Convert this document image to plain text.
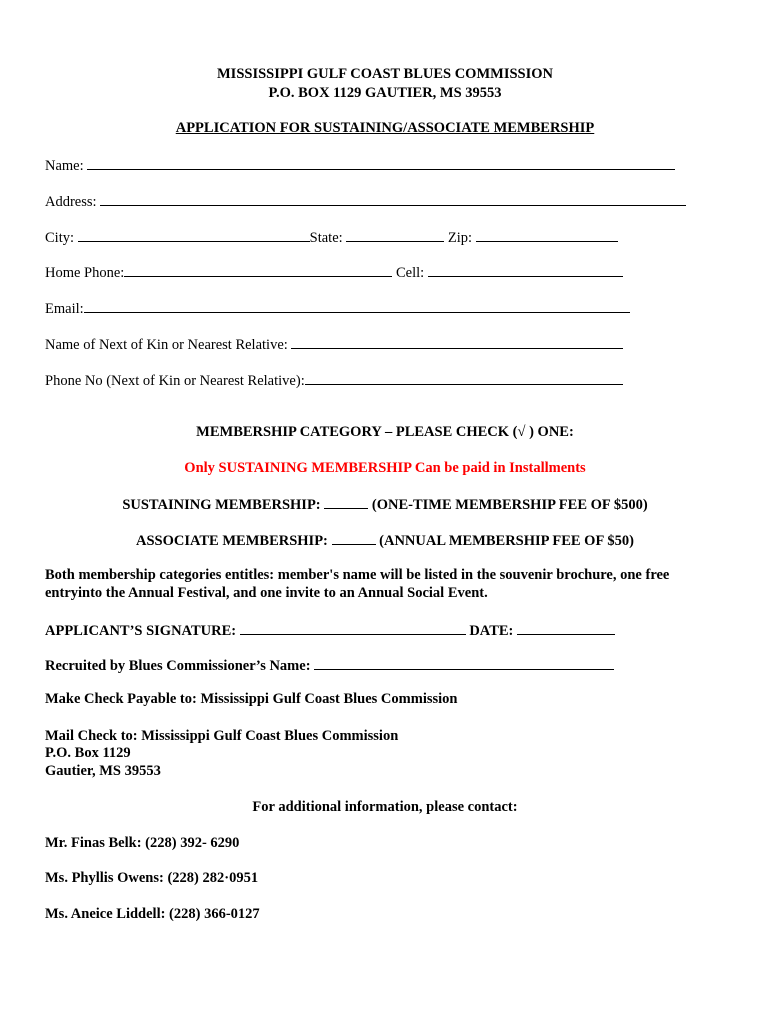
MISSISSIPPI GULF COAST BLUES COMMISSION
P.O. BOX 1129 GAUTIER, MS 39553
APPLICATION FOR SUSTAINING/ASSOCIATE MEMBERSHIP
Name:
Address:
City:	State:	Zip:
Home Phone:	Cell:
Email:
Name of Next of Kin or Nearest Relative:
Phone No (Next of Kin or Nearest Relative):
MEMBERSHIP CATEGORY – PLEASE CHECK (√ ) ONE:
Only SUSTAINING MEMBERSHIP Can be paid in Installments
SUSTAINING MEMBERSHIP:	(ONE-TIME MEMBERSHIP FEE OF $500)
ASSOCIATE MEMBERSHIP:	(ANNUAL MEMBERSHIP FEE OF $50)
Both membership categories entitles: member's name will be listed in the souvenir brochure, one free
entryinto the Annual Festival, and one invite to an Annual Social Event.
APPLICANT’S SIGNATURE:	DATE:
Recruited by Blues Commissioner’s Name:
Make Check Payable to: Mississippi Gulf Coast Blues Commission
Mail Check to: Mississippi Gulf Coast Blues Commission
P.O. Box 1129
Gautier, MS 39553
For additional information, please contact:
Mr. Finas Belk: (228) 392- 6290
Ms. Phyllis Owens: (228) 282·0951
Ms. Aneice Liddell: (228) 366-0127
